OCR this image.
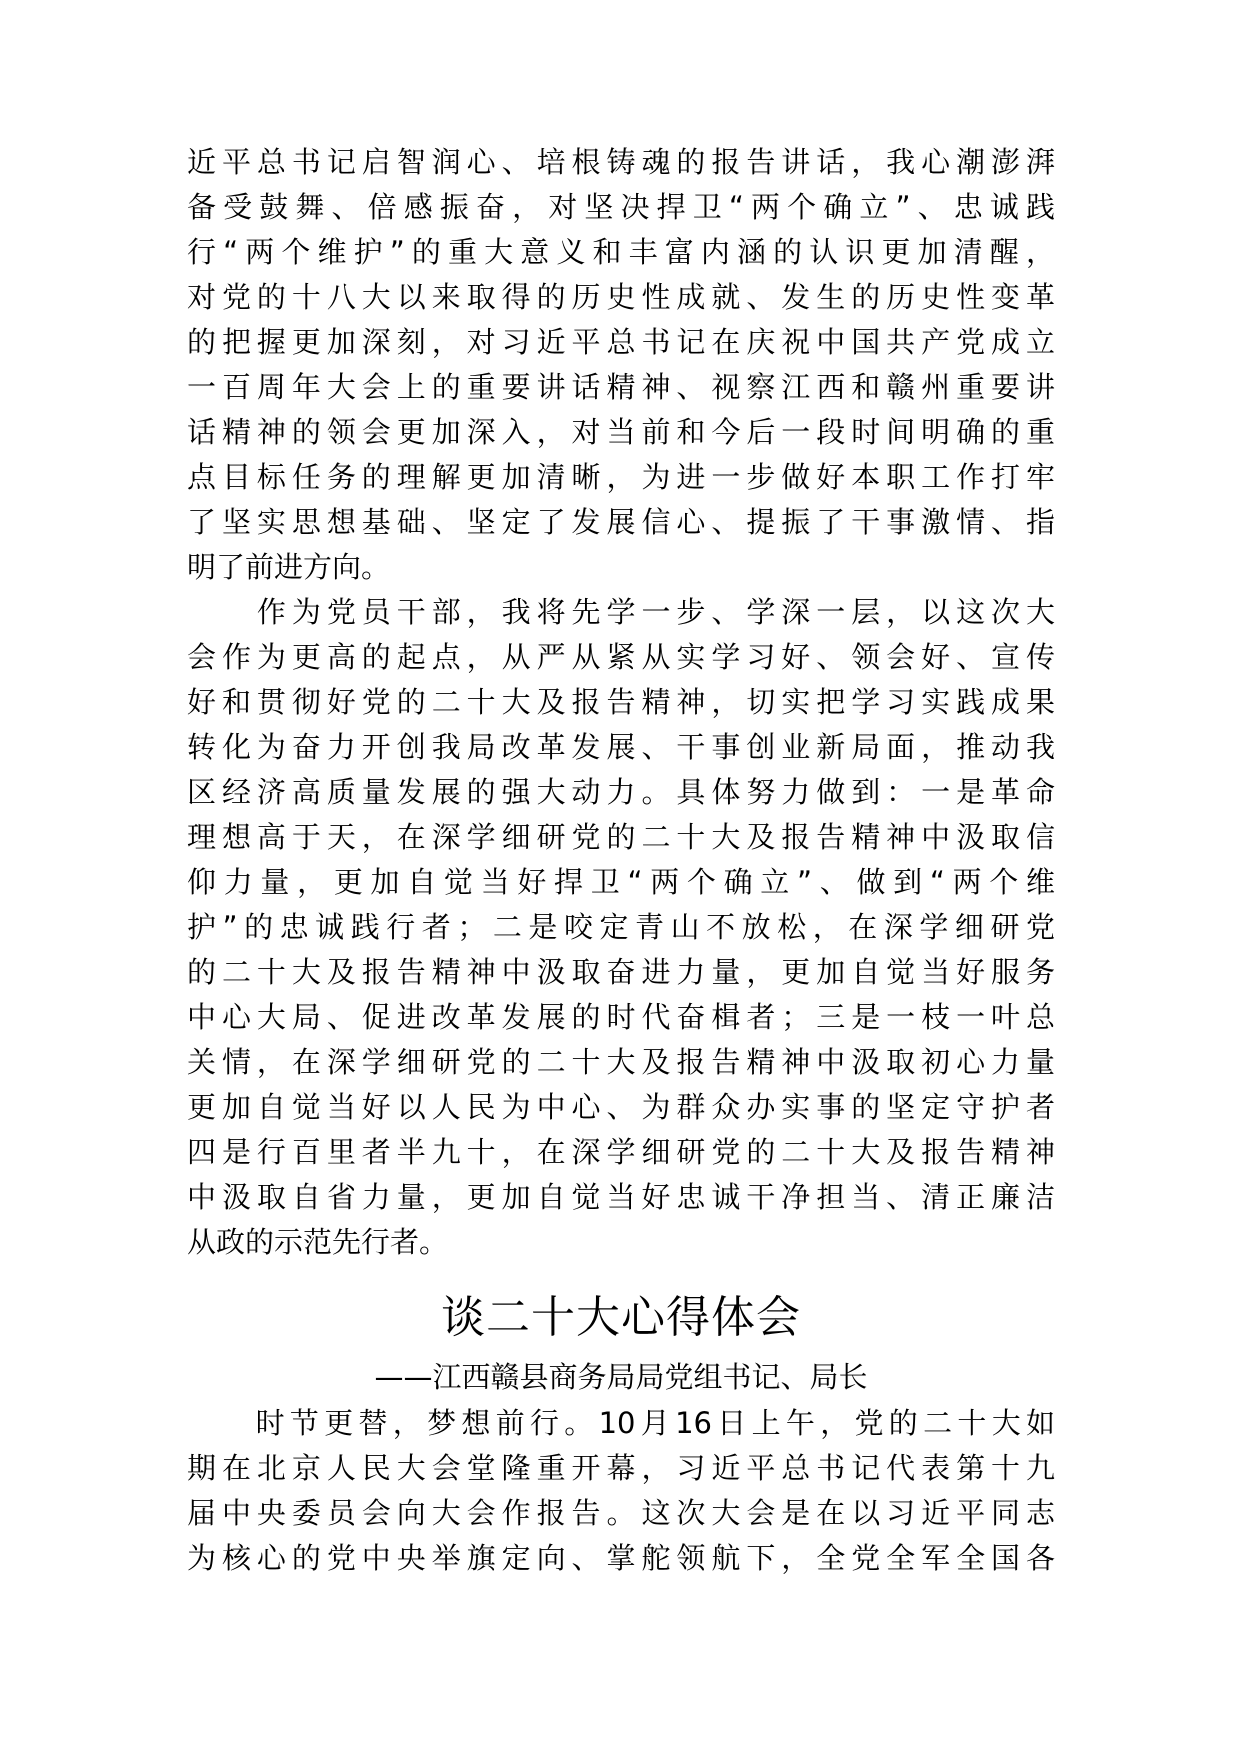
近平总书记启智润心、培根铸魂的报告讲话，我心潮澎湃
备受鼓舞、倍感振奋，对坚决捍卫“两个确立”、忠诚践
行“两个维护”的重大意义和丰富内涵的认识更加清醒，
对党的十八大以来取得的历史性成就、发生的历史性变革
的把握更加深刻，对习近平总书记在庆祝中国共产党成立
一百周年大会上的重要讲话精神、视察江西和赣州重要讲
话精神的领会更加深入，对当前和今后一段时间明确的重
点目标任务的理解更加清晰，为进一步做好本职工作打牢
了坚实思想基础、坚定了发展信心、提振了干事激情、指
明了前进方向。
　　作为党员干部，我将先学一步、学深一层，以这次大
会作为更高的起点，从严从紧从实学习好、领会好、宣传
好和贯彻好党的二十大及报告精神，切实把学习实践成果
转化为奋力开创我局改革发展、干事创业新局面，推动我
区经济高质量发展的强大动力。具体努力做到：一是革命
理想高于天，在深学细研党的二十大及报告精神中汲取信
仰力量，更加自觉当好捍卫“两个确立”、做到“两个维
护”的忠诚践行者；二是咬定青山不放松，在深学细研党
的二十大及报告精神中汲取奋进力量，更加自觉当好服务
中心大局、促进改革发展的时代奋楫者；三是一枝一叶总
关情，在深学细研党的二十大及报告精神中汲取初心力量
更加自觉当好以人民为中心、为群众办实事的坚定守护者
四是行百里者半九十，在深学细研党的二十大及报告精神
中汲取自省力量，更加自觉当好忠诚干净担当、清正廉洁
从政的示范先行者。
谈二十大心得体会
——江西赣县商务局局党组书记、局长
　　时节更替，梦想前行。10月16日上午，党的二十大如
期在北京人民大会堂隆重开幕，习近平总书记代表第十九
届中央委员会向大会作报告。这次大会是在以习近平同志
为核心的党中央举旗定向、掌舵领航下，全党全军全国各
